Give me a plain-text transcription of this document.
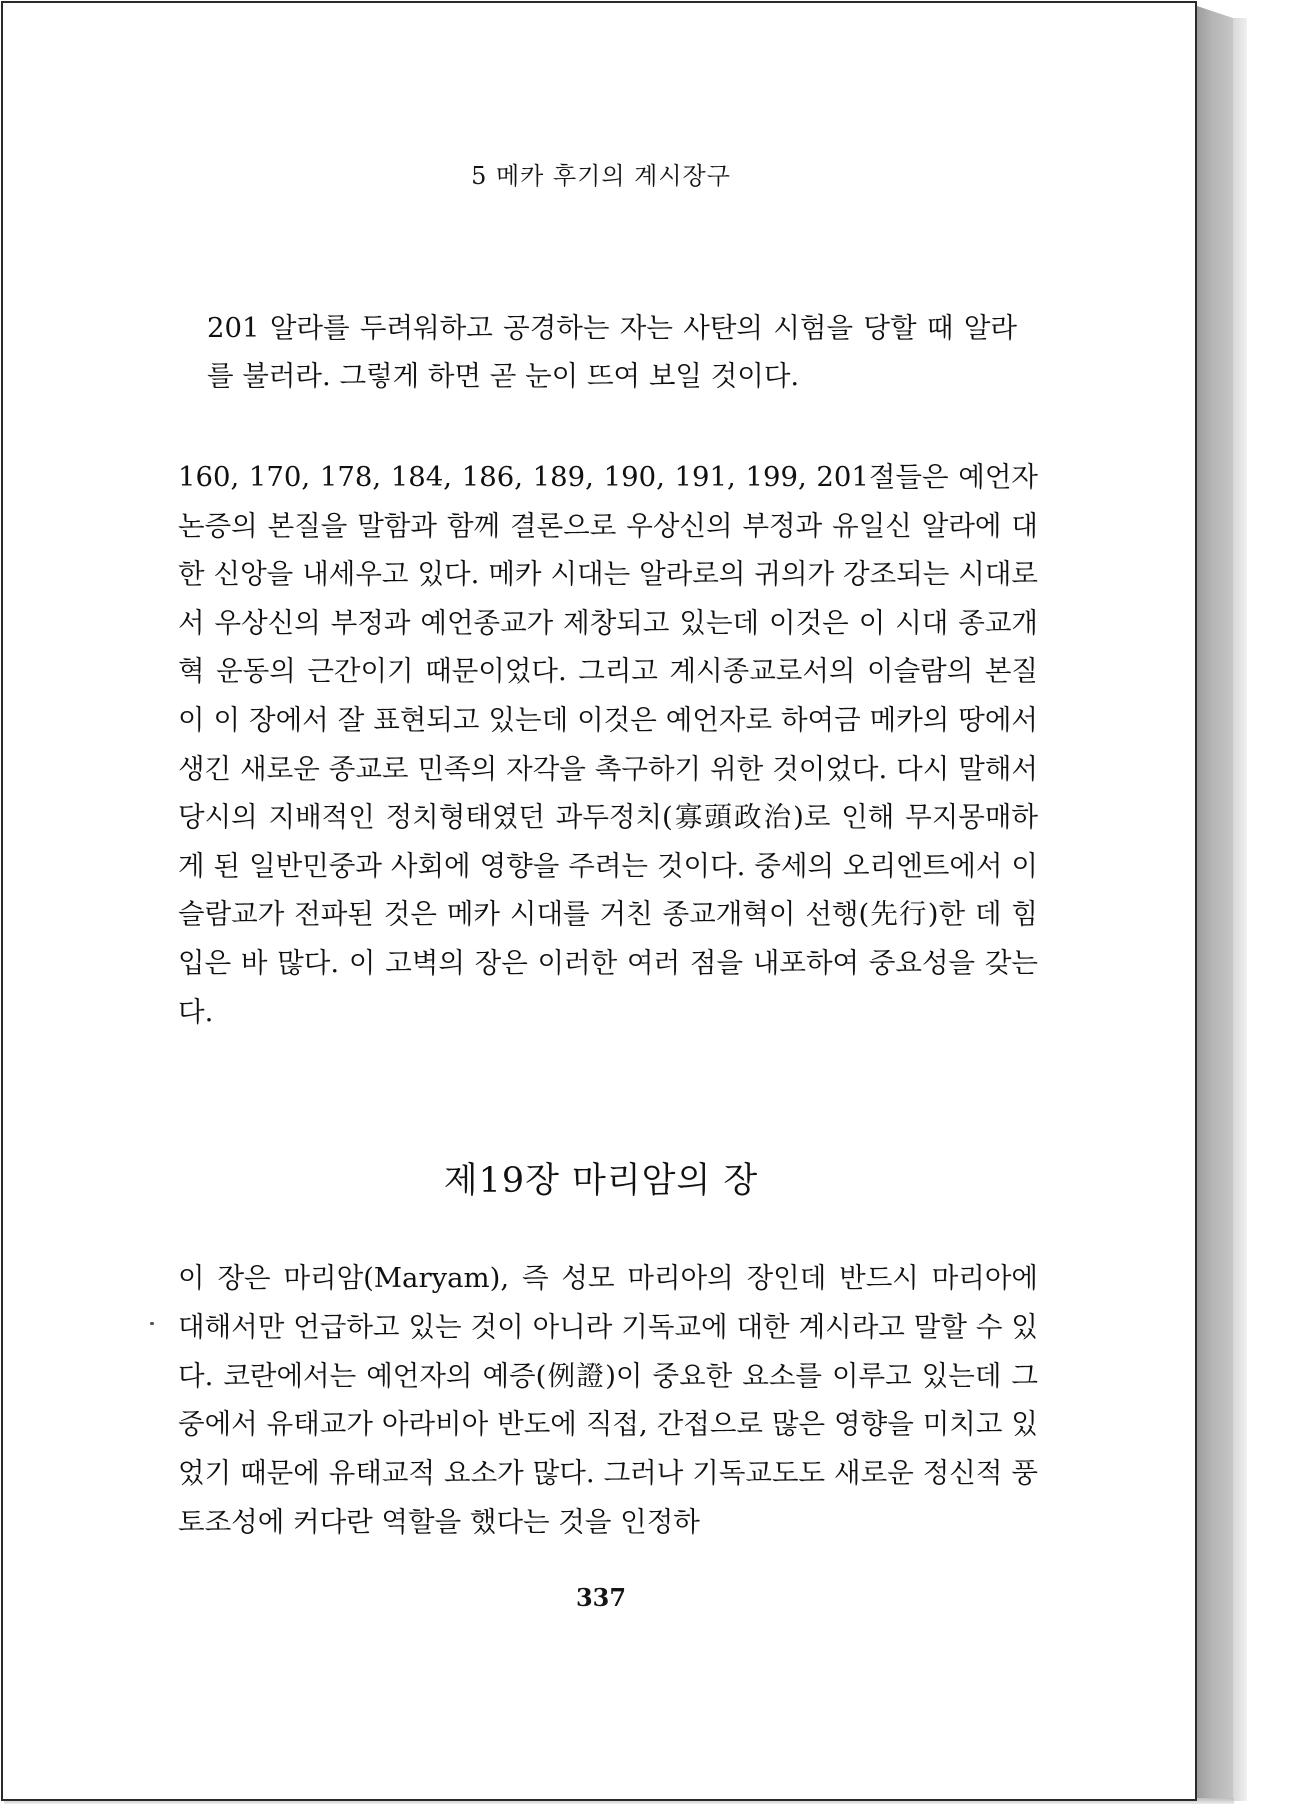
5 메카 후기의 계시장구

201 알라를 두려워하고 공경하는 자는 사탄의 시험을 당할 때 알라를 불러라. 그렇게 하면 곧 눈이 뜨여 보일 것이다.

160, 170, 178, 184, 186, 189, 190, 191, 199, 201절들은 예언자 논증의 본질을 말함과 함께 결론으로 우상신의 부정과 유일신 알라에 대한 신앙을 내세우고 있다. 메카 시대는 알라로의 귀의가 강조되는 시대로서 우상신의 부정과 예언종교가 제창되고 있는데 이것은 이 시대 종교개혁 운동의 근간이기 때문이었다. 그리고 계시종교로서의 이슬람의 본질이 이 장에서 잘 표현되고 있는데 이것은 예언자로 하여금 메카의 땅에서 생긴 새로운 종교로 민족의 자각을 촉구하기 위한 것이었다. 다시 말해서 당시의 지배적인 정치형태였던 과두정치(寡頭政治)로 인해 무지몽매하게 된 일반민중과 사회에 영향을 주려는 것이다. 중세의 오리엔트에서 이슬람교가 전파된 것은 메카 시대를 거친 종교개혁이 선행(先行)한 데 힘입은 바 많다. 이 고벽의 장은 이러한 여러 점을 내포하여 중요성을 갖는다.

제19장 마리암의 장

이 장은 마리암(Maryam), 즉 성모 마리아의 장인데 반드시 마리아에 대해서만 언급하고 있는 것이 아니라 기독교에 대한 계시라고 말할 수 있다. 코란에서는 예언자의 예증(例證)이 중요한 요소를 이루고 있는데 그중에서 유태교가 아라비아 반도에 직접, 간접으로 많은 영향을 미치고 있었기 때문에 유태교적 요소가 많다. 그러나 기독교도도 새로운 정신적 풍토조성에 커다란 역할을 했다는 것을 인정하

337
